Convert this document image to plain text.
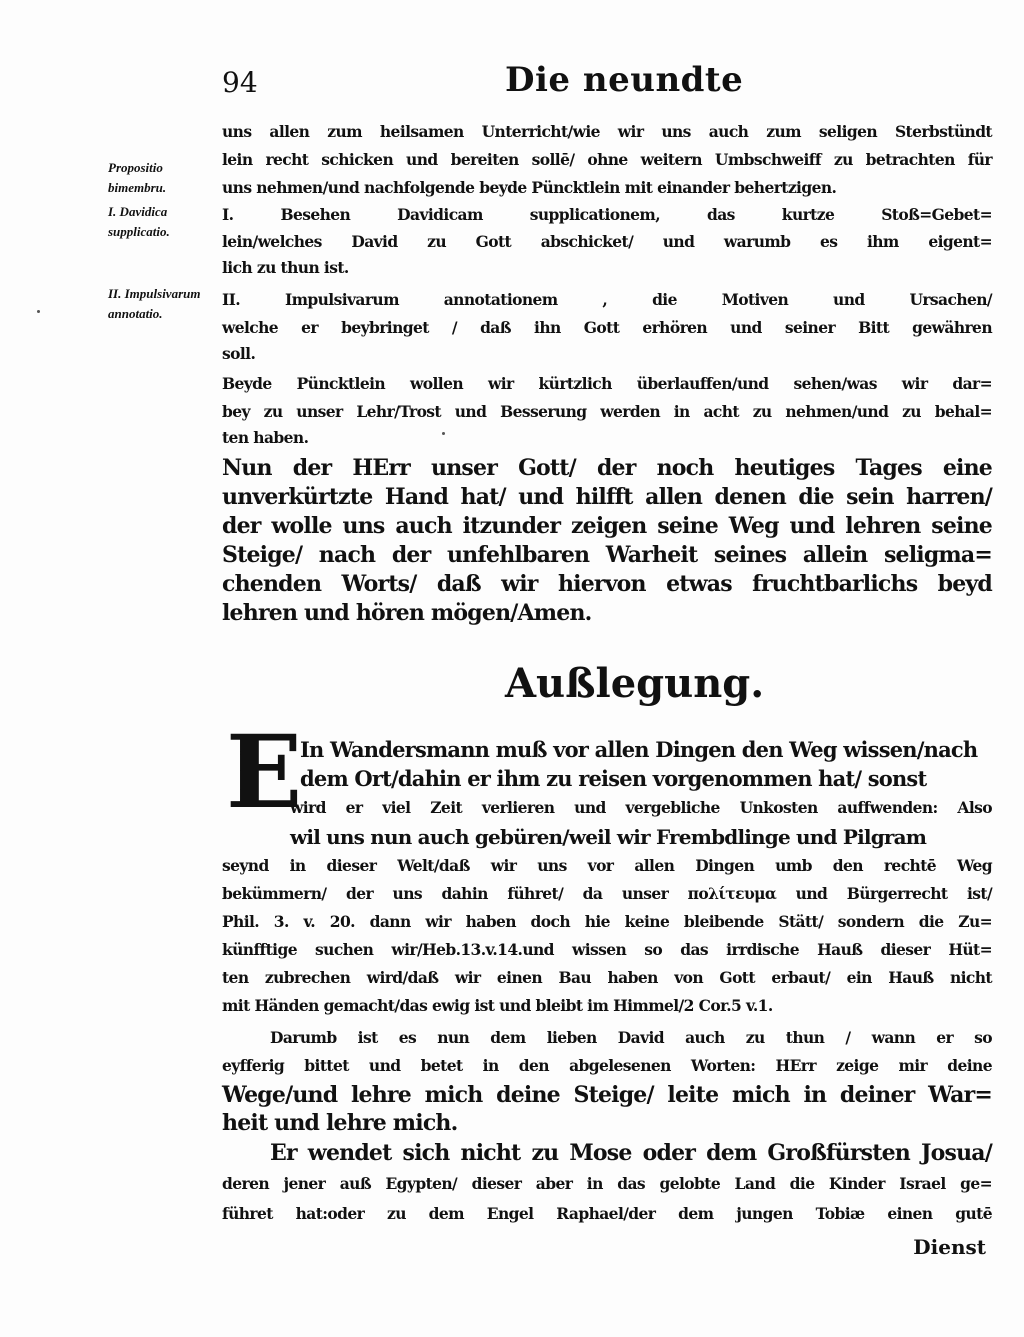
94	Die neundte
Propositio bimembru.
I. Davidica supplicatio.
II. Impulsivarum annotatio.
uns allen zum heilsamen Unterricht/wie wir uns auch zum seligen Sterbstündt
lein recht schicken und bereiten sollē/ ohne weitern Umbschweiff zu betrachten für
uns nehmen/und nachfolgende beyde Püncktlein mit einander behertzigen.
I. Besehen Davidicam supplicationem, das kurtze Stoß=Gebet=
lein/welches David zu Gott abschicket/ und warumb es ihm eigent=
lich zu thun ist.
II. Impulsivarum annotationem , die Motiven und Ursachen/
welche er beybringet / daß ihn Gott erhören und seiner Bitt gewähren
soll.
Beyde Püncktlein wollen wir kürtzlich überlauffen/und sehen/was wir dar=
bey zu unser Lehr/Trost und Besserung werden in acht zu nehmen/und zu behal=
ten haben.
Nun der HErr unser Gott/ der noch heutiges Tages eine
unverkürtzte Hand hat/ und hilfft allen denen die sein harren/
der wolle uns auch itzunder zeigen seine Weg und lehren seine
Steige/ nach der unfehlbaren Warheit seines allein seligma=
chenden Worts/ daß wir hiervon etwas fruchtbarlichs beyd
lehren und hören mögen/Amen.
Außlegung.
E
In Wandersmann muß vor allen Dingen den Weg wissen/nach
dem Ort/dahin er ihm zu reisen vorgenommen hat/ sonst
wird er viel Zeit verlieren und vergebliche Unkosten auffwenden: Also
wil uns nun auch gebüren/weil wir Frembdlinge und Pilgram
seynd in dieser Welt/daß wir uns vor allen Dingen umb den rechtē Weg
bekümmern/ der uns dahin führet/ da unser πολίτευμα und Bürgerrecht ist/
Phil. 3. v. 20. dann wir haben doch hie keine bleibende Stätt/ sondern die Zu=
künfftige suchen wir/Heb.13.v.14.und wissen so das irrdische Hauß dieser Hüt=
ten zubrechen wird/daß wir einen Bau haben von Gott erbaut/ ein Hauß nicht
mit Händen gemacht/das ewig ist und bleibt im Himmel/2 Cor.5 v.1.
Darumb ist es nun dem lieben David auch zu thun / wann er so
eyfferig bittet und betet in den abgelesenen Worten: HErr zeige mir deine
Wege/und lehre mich deine Steige/ leite mich in deiner War=
heit und lehre mich.
Er wendet sich nicht zu Mose oder dem Großfürsten Josua/
deren jener auß Egypten/ dieser aber in das gelobte Land die Kinder Israel ge=
führet hat:oder zu dem Engel Raphael/der dem jungen Tobiæ einen gutē
Dienst
